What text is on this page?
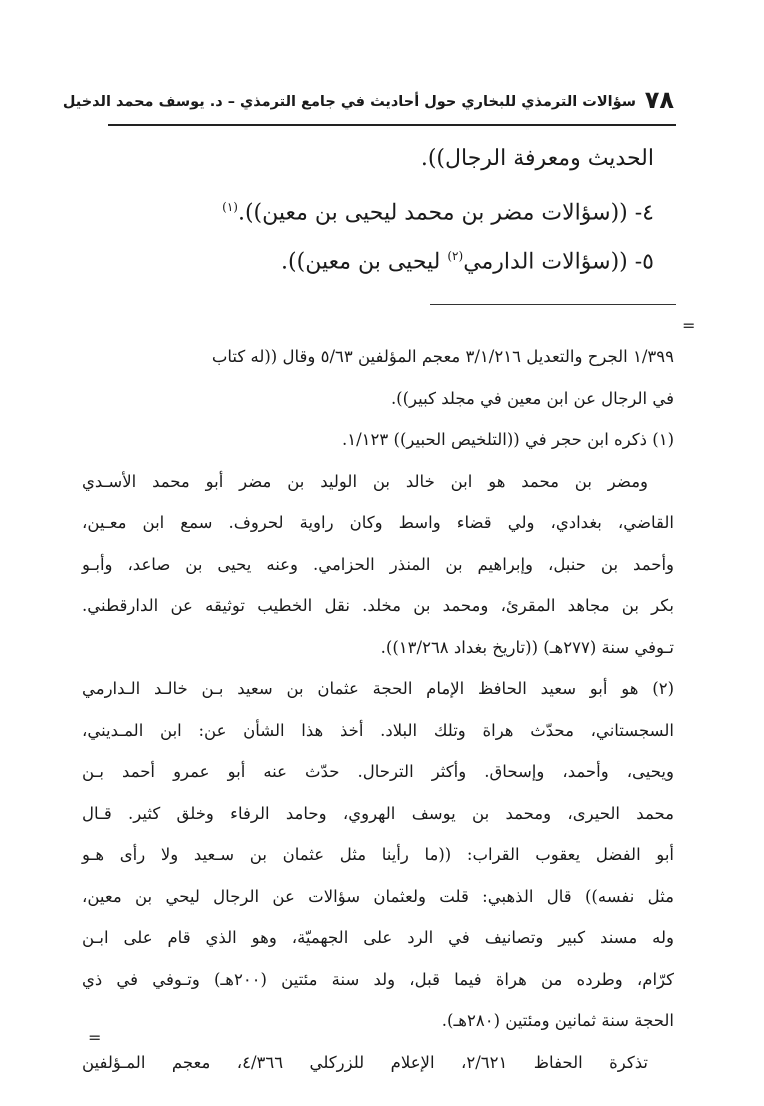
٧٨
سؤالات الترمذي للبخاري حول أحاديث في جامع الترمذي – د. يوسف محمد الدخيل
الحديث ومعرفة الرجال)).
٤- ((سؤالات مضر بن محمد ليحيى بن معين)).$^{(١)}$
٥- ((سؤالات الدارمي$^{(٢)}$ ليحيى بن معين)).
=
١/٣٩٩ الجرح والتعديل ٣/١/٢١٦ معجم المؤلفين ٥/٦٣ وقال ((له كتاب
في الرجال عن ابن معين في مجلد كبير)).
(١) ذكره ابن حجر في ((التلخيص الحبير)) ١/١٢٣.
ومضر بن محمد هو ابن خالد بن الوليد بن مضر أبو محمد الأسـدي
القاضي، بغدادي، ولي قضاء واسط وكان راوية لحروف. سمع ابن معـين،
وأحمد بن حنبل، وإبراهيم بن المنذر الحزامي. وعنه يحيى بن صاعد، وأبـو
بكر بن مجاهد المقرئ، ومحمد بن مخلد. نقل الخطيب توثيقه عن الدارقطني.
تـوفي سنة (٢٧٧هـ) ((تاريخ بغداد ١٣/٢٦٨)).
(٢) هو أبو سعيد الحافظ الإمام الحجة عثمان بن سعيد بـن خالـد الـدارمي
السجستاني، محدّث هراة وتلك البلاد. أخذ هذا الشأن عن: ابن المـديني،
ويحيى، وأحمد، وإسحاق. وأكثر الترحال. حدّث عنه أبو عمرو أحمد بـن
محمد الحيرى، ومحمد بن يوسف الهروي، وحامد الرفاء وخلق كثير. قـال
أبو الفضل يعقوب القراب: ((ما رأينا مثل عثمان بن سـعيد ولا رأى هـو
مثل نفسه)) قال الذهبي: قلت ولعثمان سؤالات عن الرجال ليحي بن معين،
وله مسند كبير وتصانيف في الرد على الجهميّة، وهو الذي قام على ابـن
كرّام، وطرده من هراة فيما قبل، ولد سنة مئتين (٢٠٠هـ) وتـوفي في ذي
الحجة سنة ثمانين ومئتين (٢٨٠هـ).
تذكرة الحفاظ ٢/٦٢١، الإعلام للزركلي ٤/٣٦٦، معجم المـؤلفين
=
